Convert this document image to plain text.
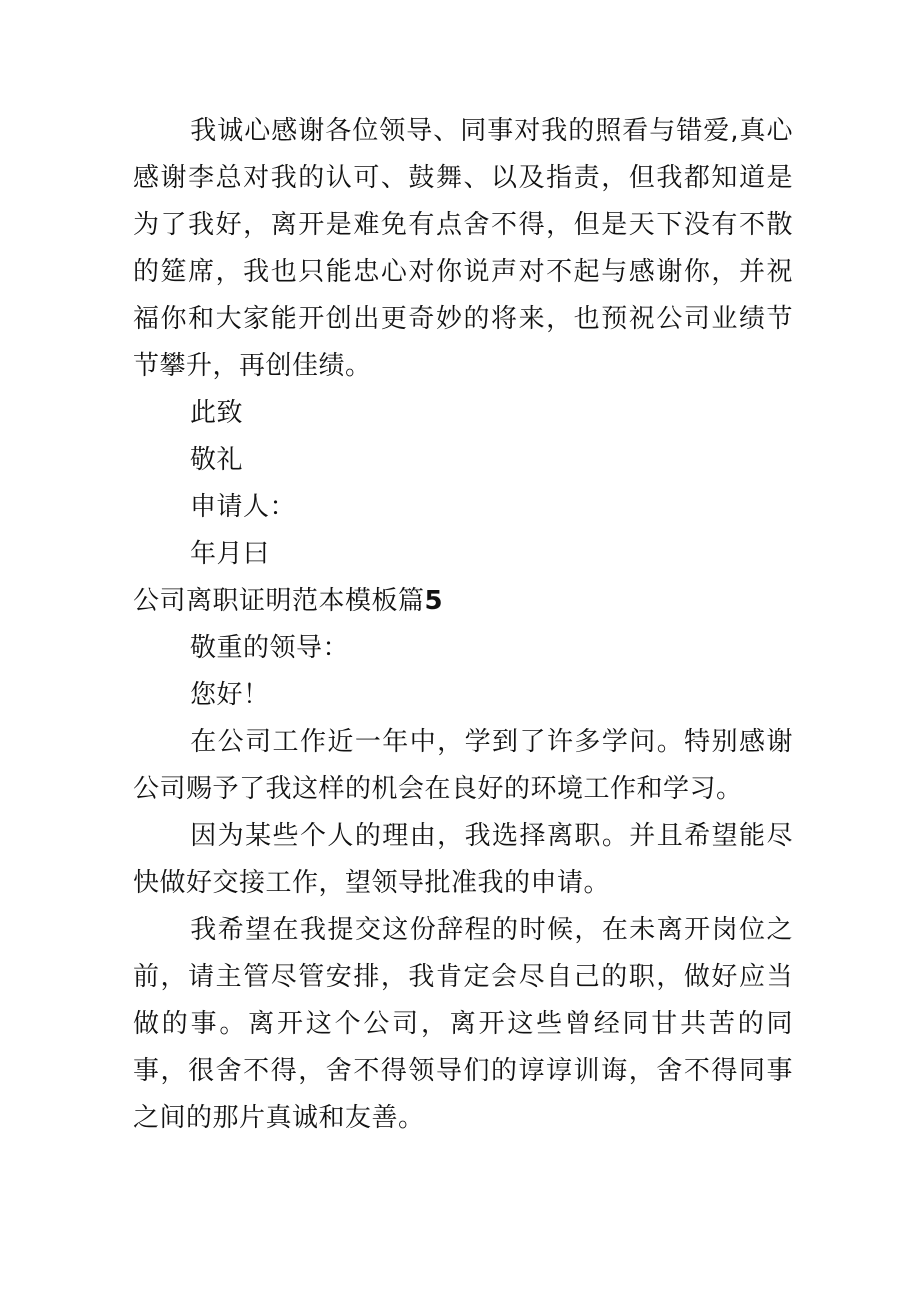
我诚心感谢各位领导、同事对我的照看与错爱,真心感谢李总对我的认可、鼓舞、以及指责，但我都知道是为了我好，离开是难免有点舍不得，但是天下没有不散的筵席，我也只能忠心对你说声对不起与感谢你，并祝福你和大家能开创出更奇妙的将来，也预祝公司业绩节节攀升，再创佳绩。

此致

敬礼

申请人：

年月曰

公司离职证明范本模板篇5

敬重的领导：

您好！

在公司工作近一年中，学到了许多学问。特别感谢公司赐予了我这样的机会在良好的环境工作和学习。

因为某些个人的理由，我选择离职。并且希望能尽快做好交接工作，望领导批准我的申请。

我希望在我提交这份辞程的时候，在未离开岗位之前，请主管尽管安排，我肯定会尽自己的职，做好应当做的事。离开这个公司，离开这些曾经同甘共苦的同事，很舍不得，舍不得领导们的谆谆训诲，舍不得同事之间的那片真诚和友善。
